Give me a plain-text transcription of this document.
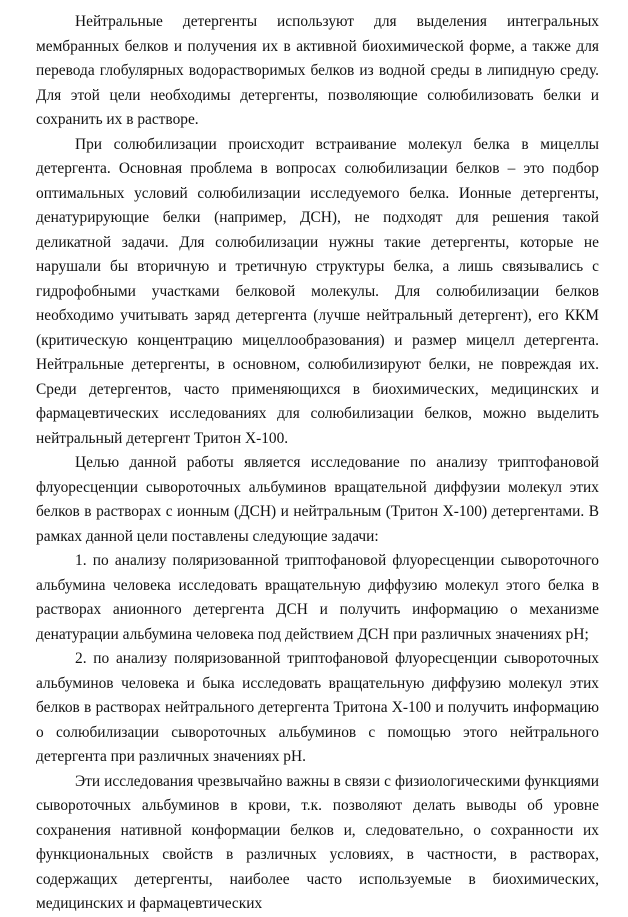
Нейтральные детергенты используют для выделения интегральных мембранных белков и получения их в активной биохимической форме, а также для перевода глобулярных водорастворимых белков из водной среды в липидную среду. Для этой цели необходимы детергенты, позволяющие солюбилизовать белки и сохранить их в растворе.

При солюбилизации происходит встраивание молекул белка в мицеллы детергента. Основная проблема в вопросах солюбилизации белков – это подбор оптимальных условий солюбилизации исследуемого белка. Ионные детергенты, денатурирующие белки (например, ДСН), не подходят для решения такой деликатной задачи. Для солюбилизации нужны такие детергенты, которые не нарушали бы вторичную и третичную структуры белка, а лишь связывались с гидрофобными участками белковой молекулы. Для солюбилизации белков необходимо учитывать заряд детергента (лучше нейтральный детергент), его ККМ (критическую концентрацию мицеллообразования) и размер мицелл детергента. Нейтральные детергенты, в основном, солюбилизируют белки, не повреждая их. Среди детергентов, часто применяющихся в биохимических, медицинских и фармацевтических исследованиях для солюбилизации белков, можно выделить нейтральный детергент Тритон Х-100.

Целью данной работы является исследование по анализу триптофановой флуоресценции сывороточных альбуминов вращательной диффузии молекул этих белков в растворах с ионным (ДСН) и нейтральным (Тритон Х-100) детергентами. В рамках данной цели поставлены следующие задачи:

1. по анализу поляризованной триптофановой флуоресценции сывороточного альбумина человека исследовать вращательную диффузию молекул этого белка в растворах анионного детергента ДСН и получить информацию о механизме денатурации альбумина человека под действием ДСН при различных значениях pH;

2. по анализу поляризованной триптофановой флуоресценции сывороточных альбуминов человека и быка исследовать вращательную диффузию молекул этих белков в растворах нейтрального детергента Тритона Х-100 и получить информацию о солюбилизации сывороточных альбуминов с помощью этого нейтрального детергента при различных значениях pH.

Эти исследования чрезвычайно важны в связи с физиологическими функциями сывороточных альбуминов в крови, т.к. позволяют делать выводы об уровне сохранения нативной конформации белков и, следовательно, о сохранности их функциональных свойств в различных условиях, в частности, в растворах, содержащих детергенты, наиболее часто используемые в биохимических, медицинских и фармацевтических
